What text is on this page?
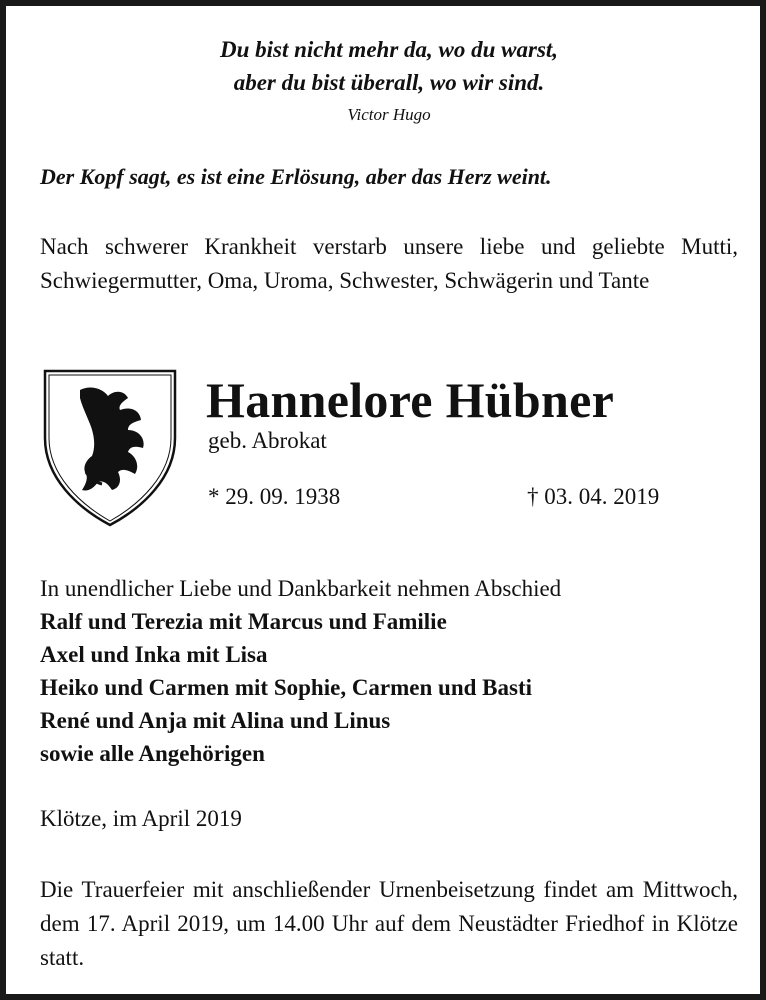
Du bist nicht mehr da, wo du warst,
aber du bist überall, wo wir sind.
Victor Hugo
Der Kopf sagt, es ist eine Erlösung, aber das Herz weint.
Nach schwerer Krankheit verstarb unsere liebe und geliebte Mutti, Schwiegermutter, Oma, Uroma, Schwester, Schwägerin und Tante
Hannelore Hübner
geb. Abrokat
* 29. 09. 1938	† 03. 04. 2019
In unendlicher Liebe und Dankbarkeit nehmen Abschied
Ralf und Terezia mit Marcus und Familie
Axel und Inka mit Lisa
Heiko und Carmen mit Sophie, Carmen und Basti
René und Anja mit Alina und Linus
sowie alle Angehörigen
Klötze, im April 2019
Die Trauerfeier mit anschließender Urnenbeisetzung findet am Mittwoch, dem 17. April 2019, um 14.00 Uhr auf dem Neustädter Friedhof in Klötze statt.
